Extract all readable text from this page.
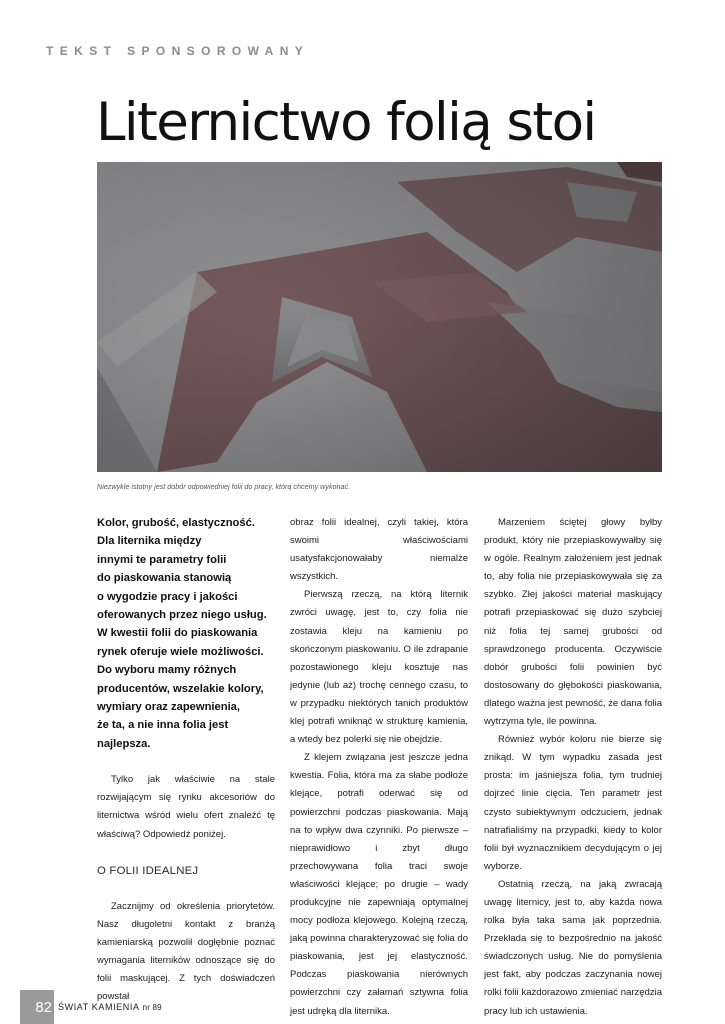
TEKST SPONSOROWANY
Liternictwo folią stoi
Niezwykle istotny jest dobór odpowiedniej folii do pracy, którą chcemy wykonać.

Kolor, grubość, elastyczność.
Dla liternika między
innymi te parametry folii
do piaskowania stanowią
o wygodzie pracy i jakości
oferowanych przez niego usług.
W kwestii folii do piaskowania
rynek oferuje wiele możliwości.
Do wyboru mamy różnych
producentów, wszelakie kolory,
wymiary oraz zapewnienia,
że ta, a nie inna folia jest
najlepsza.

Tylko jak właściwie na stale rozwijającym się rynku akcesoriów do liternictwa wśród wielu ofert znaleźć tę właściwą? Odpowiedź poniżej.

O FOLII IDEALNEJ

Zacznijmy od określenia priorytetów. Nasz długoletni kontakt z branżą kamieniarską pozwolił dogłębnie poznać wymagania liternikόw odnoszące się do folii maskującej. Z tych doświadczeń powstał

obraz folii idealnej, czyli takiej, która swoimi właściwościami usatysfakcjonowałaby niemalże wszystkich.

Pierwszą rzeczą, na którą liternik zwróci uwagę, jest to, czy folia nie zostawia kleju na kamieniu po skończonym piaskowaniu. O ile zdrapanie pozostawionego kleju kosztuje nas jedynie (lub aż) trochę cennego czasu, to w przypadku niektórych tanich produktów klej potrafi wniknąć w strukturę kamienia, a wtedy bez polerki się nie obejdzie.

Z klejem związana jest jeszcze jedna kwestia. Folia, która ma za słabe podłoże klejące, potrafi oderwać się od powierzchni podczas piaskowania. Mają na to wpływ dwa czynniki. Po pierwsze – nieprawidłowo i zbyt długo przechowywana folia traci swoje właściwości klejące; po drugie – wady produkcyjne nie zapewniają optymalnej mocy podłoża klejowego. Kolejną rzeczą, jaką powinna charakteryzować się folia do piaskowania, jest jej elastyczność. Podczas piaskowania nierównych powierzchni czy załamań sztywna folia jest udręką dla liternika.

Marzeniem ściętej głowy byłby produkt, który nie przepiaskowywałby się w ogóle. Realnym założeniem jest jednak to, aby folia nie przepiaskowywała się za szybko. Złej jakości materiał maskujący potrafi przepiaskować się dużo szybciej niż folia tej samej grubości od sprawdzonego producenta. Oczywiście dobór grubości folii powinien być dostosowany do głębokości piaskowania, dlatego ważna jest pewność, że dana folia wytrzyma tyle, ile powinna.

Również wybór koloru nie bierze się znikąd. W tym wypadku zasada jest prosta: im jaśniejsza folia, tym trudniej dojrzeć linie cięcia. Ten parametr jest czysto subiektywnym odczuciem, jednak natrafialiśmy na przypadki, kiedy to kolor folii był wyznacznikiem decydującym o jej wyborze.

Ostatnią rzeczą, na jaką zwracają uwagę liternicy, jest to, aby każda nowa rolka była taka sama jak poprzednia. Przekłada się to bezpośrednio na jakość świadczonych usług. Nie do pomyślenia jest fakt, aby podczas zaczynania nowej rolki folii każdorazowo zmieniać narzędzia pracy lub ich ustawienia.

82 ŚWIAT KAMIENIA nr 89
